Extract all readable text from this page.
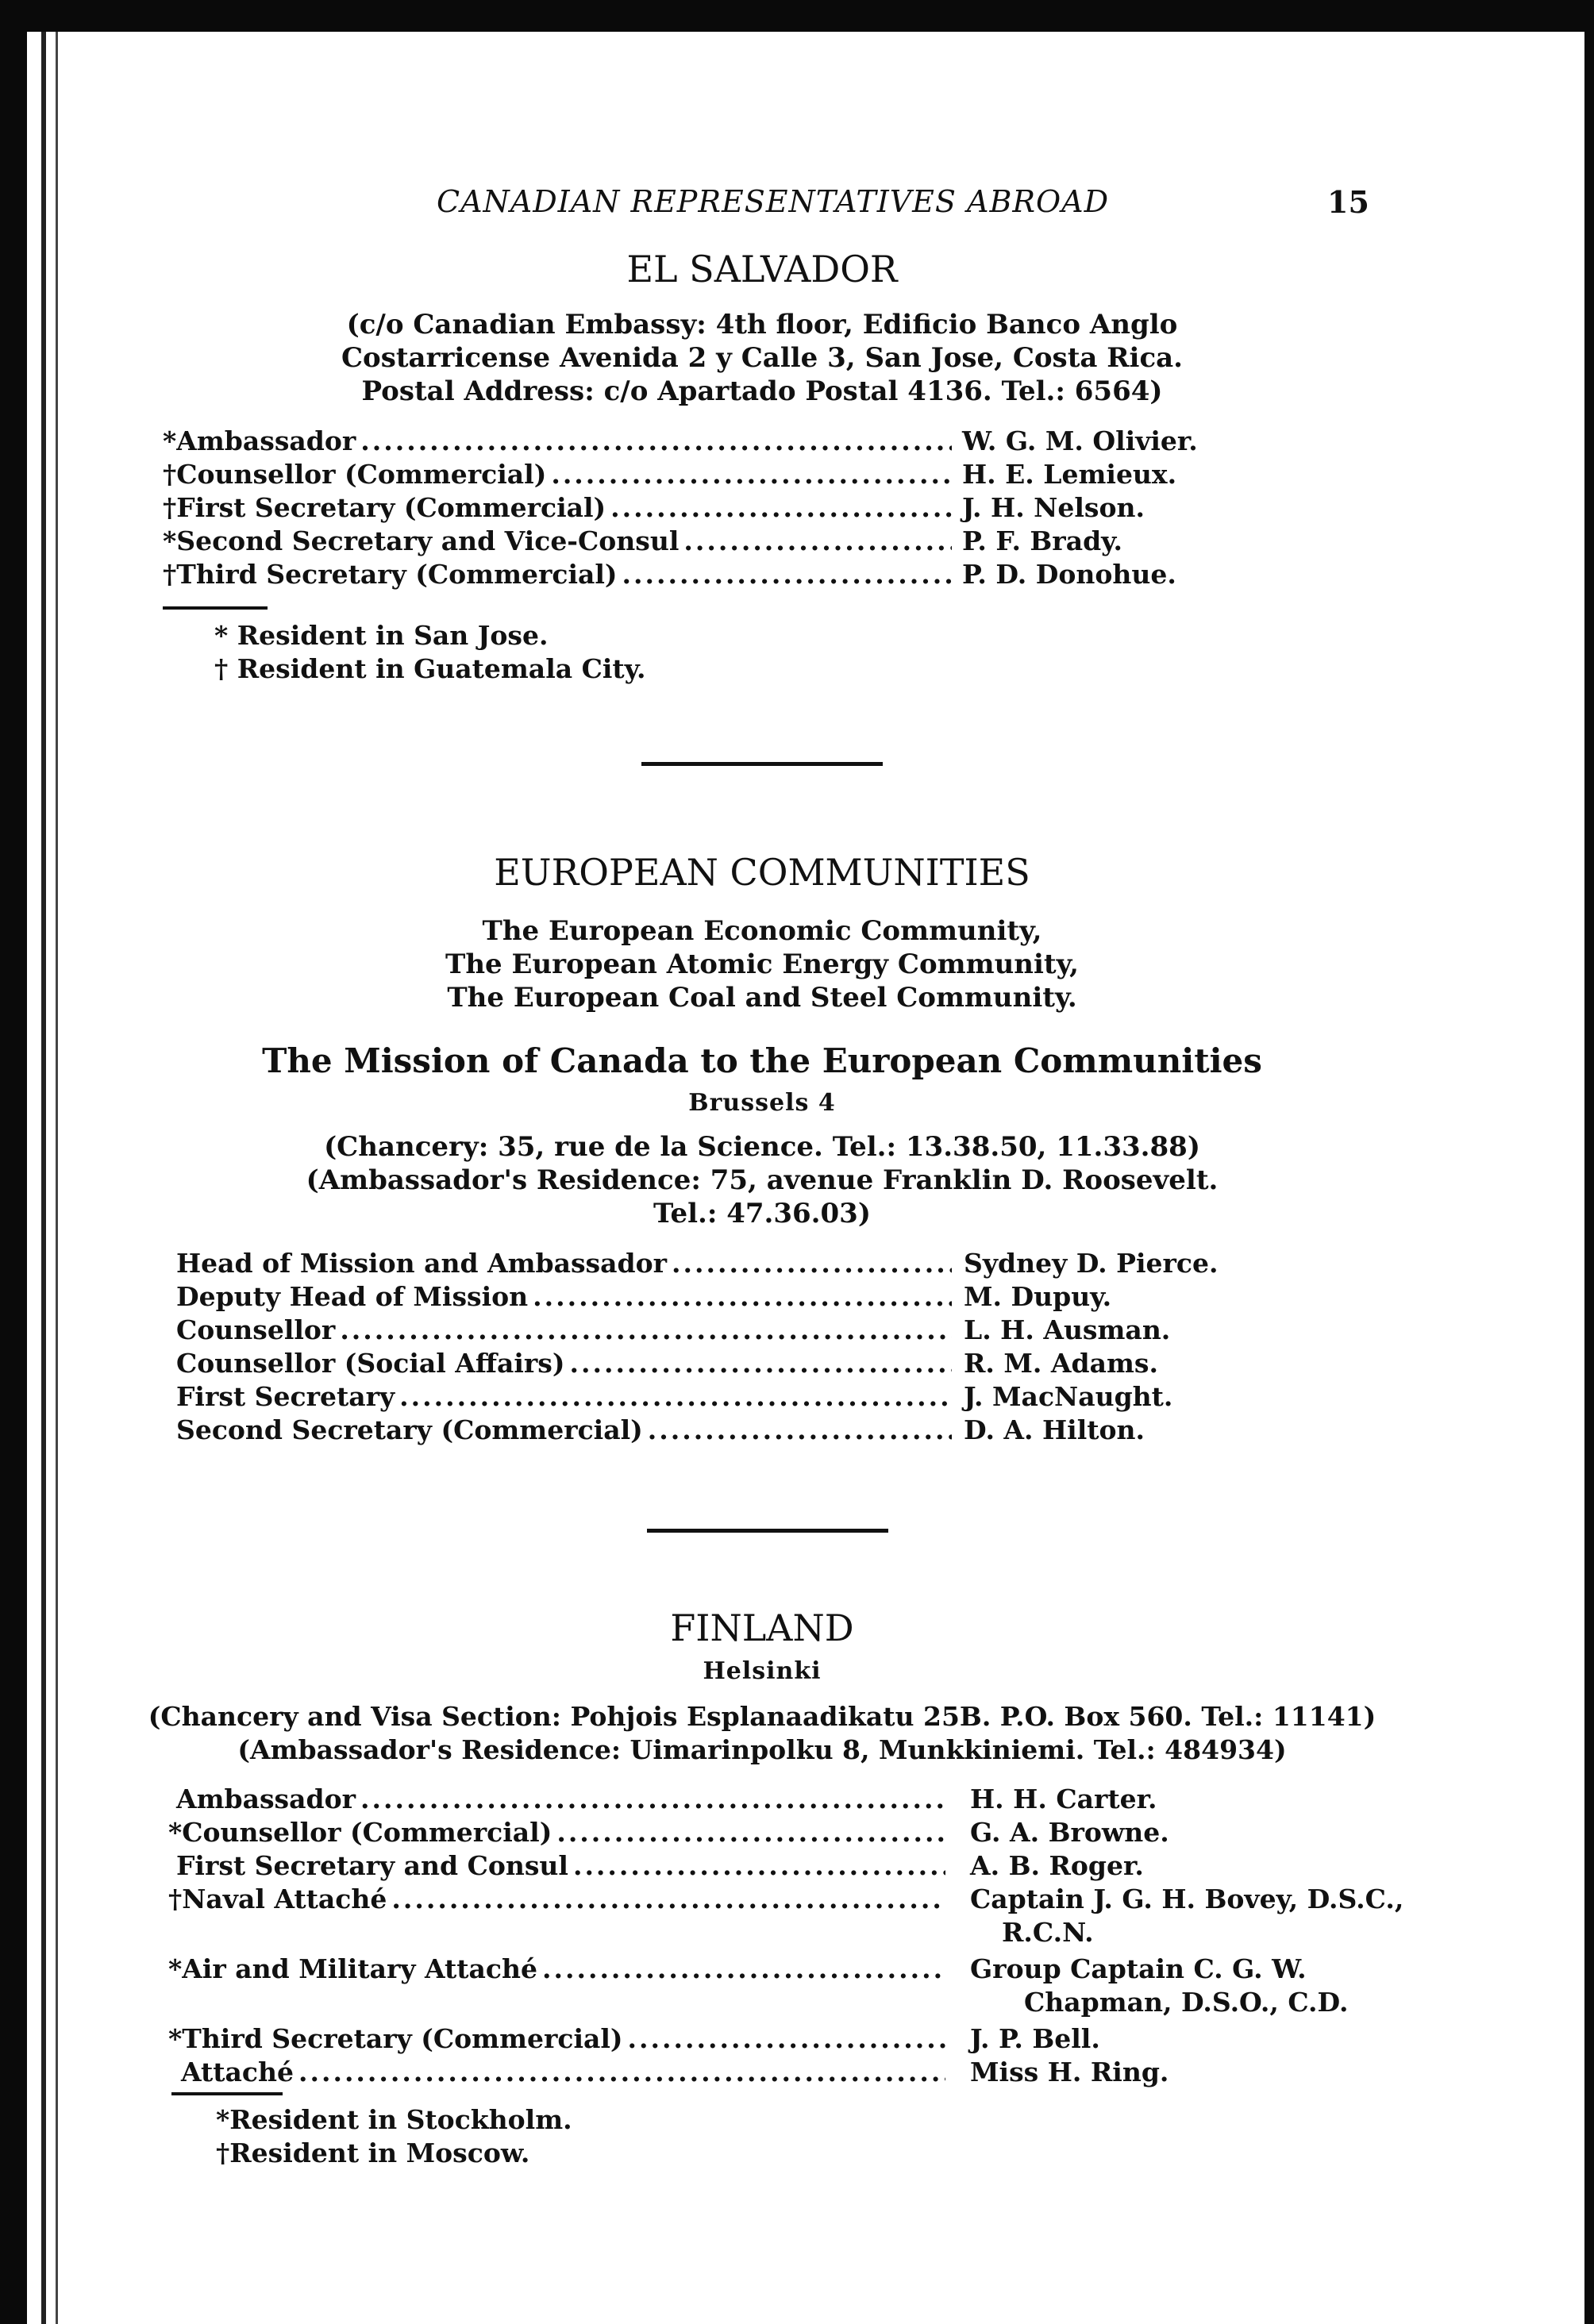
CANADIAN REPRESENTATIVES ABROAD	15
EL SALVADOR
(c/o Canadian Embassy: 4th floor, Edificio Banco Anglo
Costarricense Avenida 2 y Calle 3, San Jose, Costa Rica.
Postal Address: c/o Apartado Postal 4136. Tel.: 6564)
*Ambassador .....	W. G. M. Olivier.
†Counsellor (Commercial) .....	H. E. Lemieux.
†First Secretary (Commercial) .....	J. H. Nelson.
*Second Secretary and Vice-Consul .....	P. F. Brady.
†Third Secretary (Commercial) .....	P. D. Donohue.
* Resident in San Jose.
† Resident in Guatemala City.
EUROPEAN COMMUNITIES
The European Economic Community,
The European Atomic Energy Community,
The European Coal and Steel Community.
The Mission of Canada to the European Communities
Brussels 4
(Chancery: 35, rue de la Science. Tel.: 13.38.50, 11.33.88)
(Ambassador's Residence: 75, avenue Franklin D. Roosevelt.
Tel.: 47.36.03)
Head of Mission and Ambassador .....	Sydney D. Pierce.
Deputy Head of Mission .....	M. Dupuy.
Counsellor .....	L. H. Ausman.
Counsellor (Social Affairs) .....	R. M. Adams.
First Secretary .....	J. MacNaught.
Second Secretary (Commercial) .....	D. A. Hilton.
FINLAND
Helsinki
(Chancery and Visa Section: Pohjois Esplanaadikatu 25B. P.O. Box 560. Tel.: 11141)
(Ambassador's Residence: Uimarinpolku 8, Munkkiniemi. Tel.: 484934)
Ambassador .....	H. H. Carter.
*Counsellor (Commercial) .....	G. A. Browne.
First Secretary and Consul .....	A. B. Roger.
†Naval Attaché .....	Captain J. G. H. Bovey, D.S.C.,
R.C.N.
*Air and Military Attaché .....	Group Captain C. G. W.
Chapman, D.S.O., C.D.
*Third Secretary (Commercial) .....	J. P. Bell.
Attaché .....	Miss H. Ring.
*Resident in Stockholm.
†Resident in Moscow.
